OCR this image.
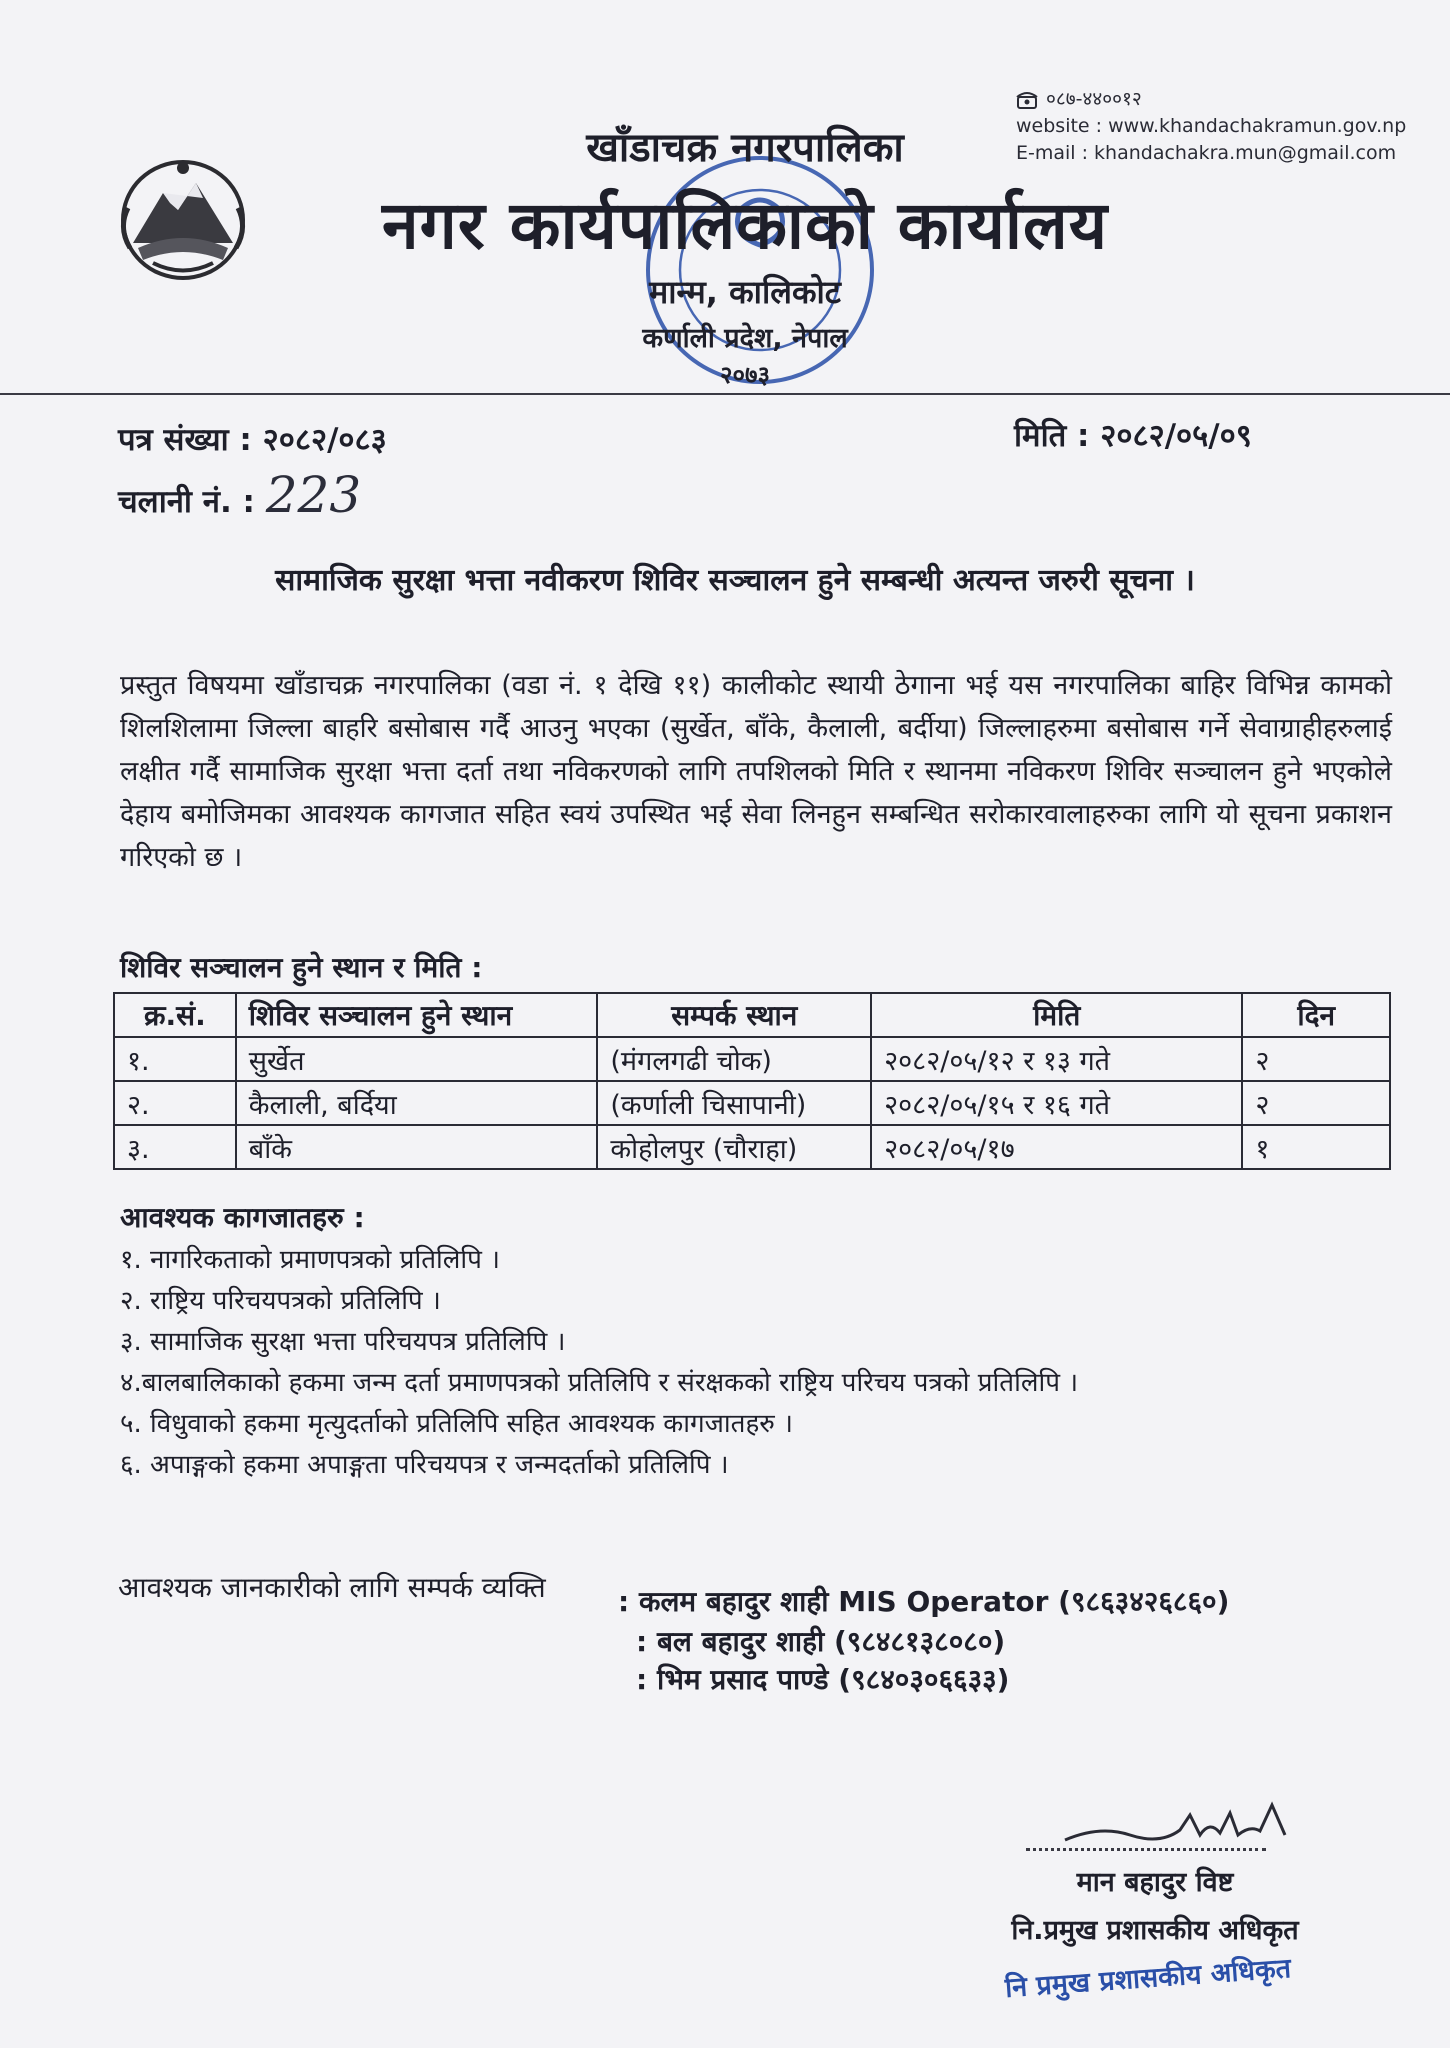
०८७-४४००१२
website : www.khandachakramun.gov.np
E-mail : khandachakra.mun@gmail.com
खाँडाचक्र नगरपालिका
नगर कार्यपालिकाको कार्यालय
मान्म, कालिकोट
कर्णाली प्रदेश, नेपाल
२०७३
पत्र संख्या : २०८२/०८३	मिति : २०८२/०५/०९
चलानी नं. : 223
सामाजिक सुरक्षा भत्ता नवीकरण शिविर सञ्चालन हुने सम्बन्धी अत्यन्त जरुरी सूचना ।
प्रस्तुत विषयमा खाँडाचक्र नगरपालिका (वडा नं. १ देखि ११) कालीकोट स्थायी ठेगाना भई यस नगरपालिका बाहिर विभिन्न कामको शिलशिलामा जिल्ला बाहरि बसोबास गर्दै आउनु भएका (सुर्खेत, बाँके, कैलाली, बर्दीया) जिल्लाहरुमा बसोबास गर्ने सेवाग्राहीहरुलाई लक्षीत गर्दै सामाजिक सुरक्षा भत्ता दर्ता तथा नविकरणको लागि तपशिलको मिति र स्थानमा नविकरण शिविर सञ्चालन हुने भएकोले देहाय बमोजिमका आवश्यक कागजात सहित स्वयं उपस्थित भई सेवा लिनहुन सम्बन्धित सरोकारवालाहरुका लागि यो सूचना प्रकाशन गरिएको छ ।
शिविर सञ्चालन हुने स्थान र मिति :
क्र.सं.	शिविर सञ्चालन हुने स्थान	सम्पर्क स्थान	मिति	दिन
१.	सुर्खेत	(मंगलगढी चोक)	२०८२/०५/१२ र १३ गते	२
२.	कैलाली, बर्दिया	(कर्णाली चिसापानी)	२०८२/०५/१५ र १६ गते	२
३.	बाँके	कोहोलपुर (चौराहा)	२०८२/०५/१७	१
आवश्यक कागजातहरु :
१. नागरिकताको प्रमाणपत्रको प्रतिलिपि ।
२. राष्ट्रिय परिचयपत्रको प्रतिलिपि ।
३. सामाजिक सुरक्षा भत्ता परिचयपत्र प्रतिलिपि ।
४.बालबालिकाको हकमा जन्म दर्ता प्रमाणपत्रको प्रतिलिपि र संरक्षकको राष्ट्रिय परिचय पत्रको प्रतिलिपि ।
५. विधुवाको हकमा मृत्युदर्ताको प्रतिलिपि सहित आवश्यक कागजातहरु ।
६. अपाङ्गको हकमा अपाङ्गता परिचयपत्र र जन्मदर्ताको प्रतिलिपि ।
आवश्यक जानकारीको लागि सम्पर्क व्यक्ति	: कलम बहादुर शाही MIS Operator (९८६३४२६८६०)
: बल बहादुर शाही (९८४८१३८०८०)
: भिम प्रसाद पाण्डे (९८४०३०६६३३)
मान बहादुर विष्ट
नि.प्रमुख प्रशासकीय अधिकृत
नि प्रमुख प्रशासकीय अधिकृत
